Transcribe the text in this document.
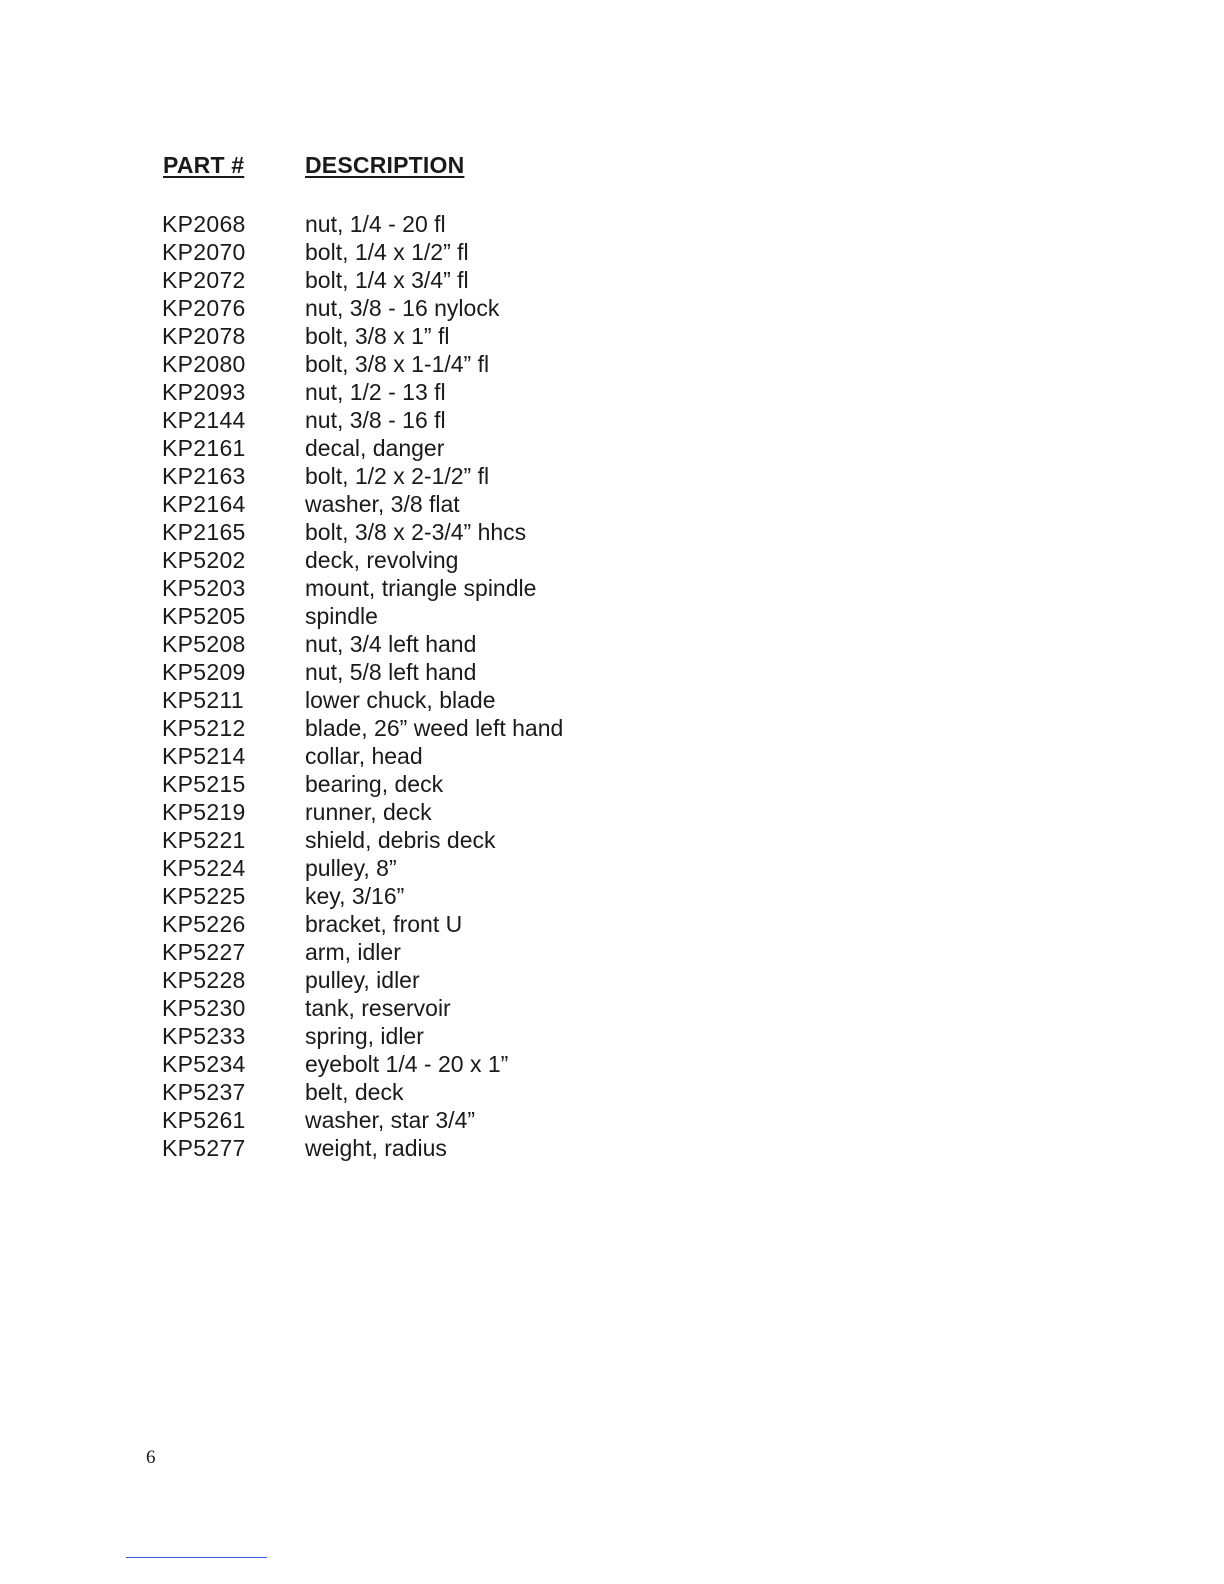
PART #	DESCRIPTION
KP2068	nut, 1/4 - 20 fl
KP2070	bolt, 1/4 x 1/2” fl
KP2072	bolt, 1/4 x 3/4” fl
KP2076	nut, 3/8 - 16 nylock
KP2078	bolt, 3/8 x 1” fl
KP2080	bolt, 3/8 x 1-1/4” fl
KP2093	nut, 1/2 - 13 fl
KP2144	nut, 3/8 - 16 fl
KP2161	decal, danger
KP2163	bolt, 1/2 x 2-1/2” fl
KP2164	washer, 3/8 flat
KP2165	bolt, 3/8 x 2-3/4” hhcs
KP5202	deck, revolving
KP5203	mount, triangle spindle
KP5205	spindle
KP5208	nut, 3/4 left hand
KP5209	nut, 5/8 left hand
KP5211	lower chuck, blade
KP5212	blade, 26” weed left hand
KP5214	collar, head
KP5215	bearing, deck
KP5219	runner, deck
KP5221	shield, debris deck
KP5224	pulley, 8”
KP5225	key, 3/16”
KP5226	bracket, front U
KP5227	arm, idler
KP5228	pulley, idler
KP5230	tank, reservoir
KP5233	spring, idler
KP5234	eyebolt 1/4 - 20 x 1”
KP5237	belt, deck
KP5261	washer, star 3/4”
KP5277	weight, radius
6
